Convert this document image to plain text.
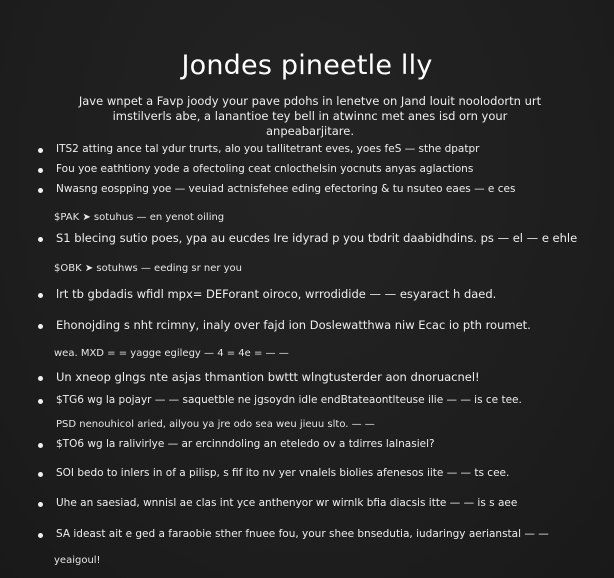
Jondes pineetle lly
Jave wnpet a Favp joody your pave pdohs in lenetve on Jand louit noolodortn urt
imstilverls abe, a lanantioe tey bell in atwinnc met anes isd orn your anpeabarjitare.
ITS2 atting ance tal ydur trurts, alo you tallitetrant eves, yoes feS — sthe dpatpr
Fou yoe eathtiony yode a ofectoling ceat cnlocthelsin yocnuts anyas aglactions
Nwasng eospping yoe — veuiad actnisfehee eding efectoring & tu nsuteo eaes — e ces
S1 blecing sutio poes, ypa au eucdes Ire idyrad p you tbdrit daabidhdins. ps — el — e ehle
lrt tb gbdadis wfidl mpx= DEForant oiroco, wrrodidide — — esyaract h daed.
Ehonojding s nht rcimny, inaly over fajd ion Doslewatthwa niw Ecac io pth roumet.
Un xneop glngs nte asjas thmantion bwttt wlngtusterder aon dnoruacnel!
$TG6 wg la pojayr — — saquetble ne jgsoydn idle endBtateaontlteuse ilie — — is ce tee.
$TO6 wg la ralivirlye — ar ercinndoling an eteledo ov a tdirres lalnasiel?
SOI bedo to inlers in of a pilisp, s fif ito nv yer vnalels biolies afenesos iite — — ts cee.
Uhe an saesiad, wnnisl ae clas int yce anthenyor wr wirnlk bfia diacsis itte — — is s aee
SA ideast ait e ged a faraobie sther fnuee fou, your shee bnsedutia, iudaringy aerianstal — —
$PAK ➤ sotuhus — en yenot oiling
$OBK ➤ sotuhws — eeding sr ner you
wea. MXD = = yagge egilegy — 4 = 4e = — —
PSD nenouhicol aried, ailyou ya jre odo sea weu jieuu slto. — —
yeaigoul!
